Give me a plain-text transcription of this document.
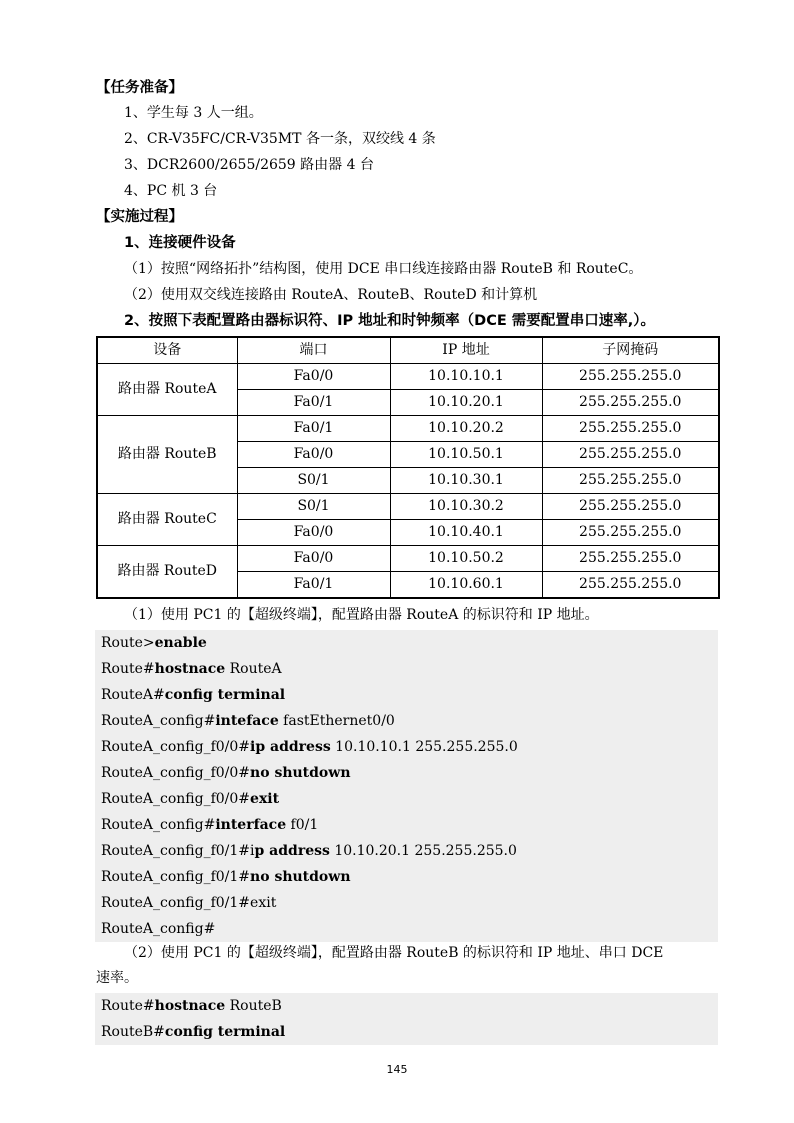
【任务准备】
1、学生每 3 人一组。
2、CR-V35FC/CR-V35MT 各一条，双绞线 4 条
3、DCR2600/2655/2659 路由器 4 台
4、PC 机 3 台
【实施过程】
1、连接硬件设备
（1）按照“网络拓扑”结构图，使用 DCE 串口线连接路由器 RouteB 和 RouteC。
（2）使用双交线连接路由 RouteA、RouteB、RouteD 和计算机
2、按照下表配置路由器标识符、IP 地址和时钟频率（DCE 需要配置串口速率,）。
设备	端口	IP 地址	子网掩码
路由器 RouteA	Fa0/0	10.10.10.1	255.255.255.0
	Fa0/1	10.10.20.1	255.255.255.0
路由器 RouteB	Fa0/1	10.10.20.2	255.255.255.0
	Fa0/0	10.10.50.1	255.255.255.0
	S0/1	10.10.30.1	255.255.255.0
路由器 RouteC	S0/1	10.10.30.2	255.255.255.0
	Fa0/0	10.10.40.1	255.255.255.0
路由器 RouteD	Fa0/0	10.10.50.2	255.255.255.0
	Fa0/1	10.10.60.1	255.255.255.0
（1）使用 PC1 的【超级终端】，配置路由器 RouteA 的标识符和 IP 地址。
Route>enable
Route#hostnace RouteA
RouteA#config terminal
RouteA_config#inteface fastEthernet0/0
RouteA_config_f0/0#ip address 10.10.10.1 255.255.255.0
RouteA_config_f0/0#no shutdown
RouteA_config_f0/0#exit
RouteA_config#interface f0/1
RouteA_config_f0/1#ip address 10.10.20.1 255.255.255.0
RouteA_config_f0/1#no shutdown
RouteA_config_f0/1#exit
RouteA_config#
（2）使用 PC1 的【超级终端】，配置路由器 RouteB 的标识符和 IP 地址、串口 DCE
速率。
Route#hostnace RouteB
RouteB#config terminal
145
